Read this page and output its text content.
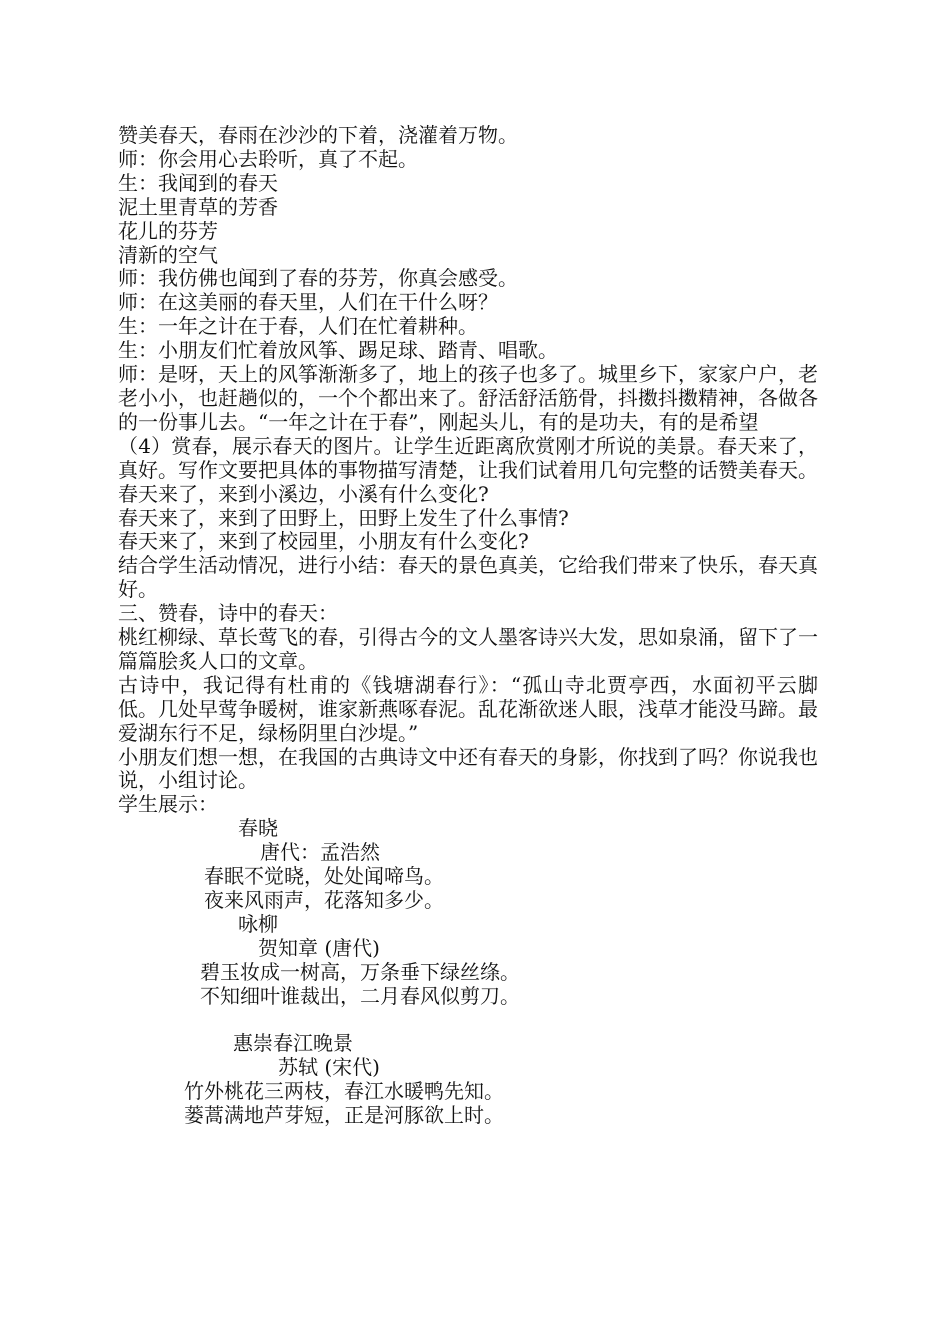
赞美春天，春雨在沙沙的下着，浇灌着万物。
师：你会用心去聆听，真了不起。
生：我闻到的春天
泥土里青草的芳香
花儿的芬芳
清新的空气
师：我仿佛也闻到了春的芬芳，你真会感受。
师：在这美丽的春天里，人们在干什么呀？
生：一年之计在于春，人们在忙着耕种。
生：小朋友们忙着放风筝、踢足球、踏青、唱歌。
师：是呀，天上的风筝渐渐多了，地上的孩子也多了。城里乡下，家家户户，老老小小，也赶趟似的，一个个都出来了。舒活舒活筋骨，抖擞抖擞精神，各做各的一份事儿去。“一年之计在于春”，刚起头儿，有的是功夫，有的是希望
（4）赏春，展示春天的图片。让学生近距离欣赏刚才所说的美景。春天来了，真好。写作文要把具体的事物描写清楚，让我们试着用几句完整的话赞美春天。
春天来了，来到小溪边，小溪有什么变化?
春天来了，来到了田野上，田野上发生了什么事情?
春天来了，来到了校园里，小朋友有什么变化?
结合学生活动情况，进行小结：春天的景色真美，它给我们带来了快乐，春天真好。
三、赞春，诗中的春天：
桃红柳绿、草长莺飞的春，引得古今的文人墨客诗兴大发，思如泉涌，留下了一篇篇脍炙人口的文章。
古诗中，我记得有杜甫的《钱塘湖春行》：“孤山寺北贾亭西，水面初平云脚低。几处早莺争暖树，谁家新燕啄春泥。乱花渐欲迷人眼，浅草才能没马蹄。最爱湖东行不足，绿杨阴里白沙堤。”
小朋友们想一想，在我国的古典诗文中还有春天的身影，你找到了吗？你说我也说，小组讨论。
学生展示：
春晓
唐代：孟浩然
春眠不觉晓，处处闻啼鸟。
夜来风雨声，花落知多少。
咏柳
贺知章 (唐代)
碧玉妆成一树高，万条垂下绿丝绦。
不知细叶谁裁出，二月春风似剪刀。
惠崇春江晚景
苏轼 (宋代)
竹外桃花三两枝，春江水暖鸭先知。
蒌蒿满地芦芽短，正是河豚欲上时。
